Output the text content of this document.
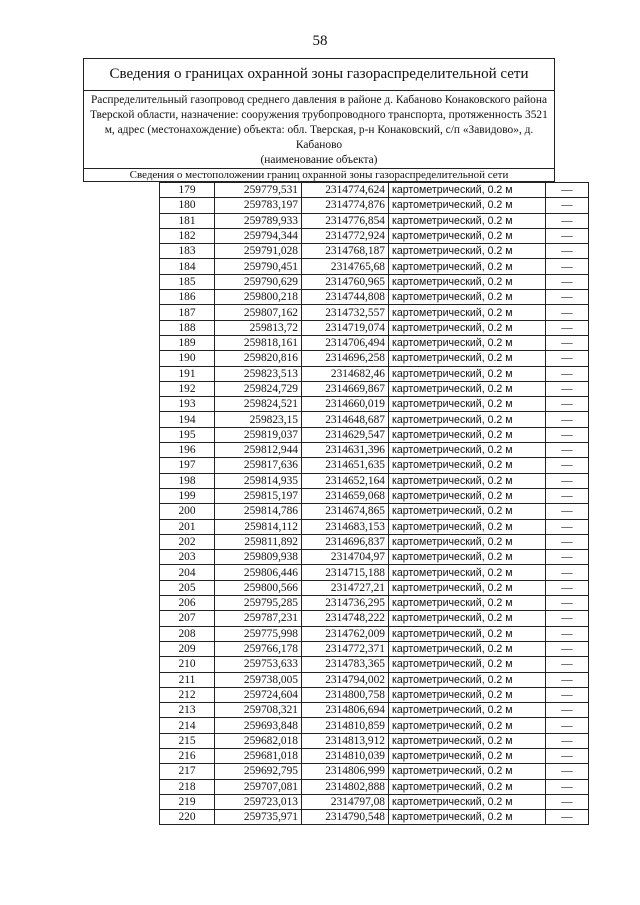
58
Сведения о границах охранной зоны газораспределительной сети
Распределительный газопровод среднего давления в районе д. Кабаново Конаковского района Тверской области, назначение: сооружения трубопроводного транспорта, протяженность 3521 м, адрес (местонахождение) объекта: обл. Тверская, р-н Конаковский, с/п «Завидово», д. Кабаново
(наименование объекта)
Сведения о местоположении границ охранной зоны газораспределительной сети
179	259779,531	2314774,624	картометрический, 0.2 м	—
180	259783,197	2314774,876	картометрический, 0.2 м	—
181	259789,933	2314776,854	картометрический, 0.2 м	—
182	259794,344	2314772,924	картометрический, 0.2 м	—
183	259791,028	2314768,187	картометрический, 0.2 м	—
184	259790,451	2314765,68	картометрический, 0.2 м	—
185	259790,629	2314760,965	картометрический, 0.2 м	—
186	259800,218	2314744,808	картометрический, 0.2 м	—
187	259807,162	2314732,557	картометрический, 0.2 м	—
188	259813,72	2314719,074	картометрический, 0.2 м	—
189	259818,161	2314706,494	картометрический, 0.2 м	—
190	259820,816	2314696,258	картометрический, 0.2 м	—
191	259823,513	2314682,46	картометрический, 0.2 м	—
192	259824,729	2314669,867	картометрический, 0.2 м	—
193	259824,521	2314660,019	картометрический, 0.2 м	—
194	259823,15	2314648,687	картометрический, 0.2 м	—
195	259819,037	2314629,547	картометрический, 0.2 м	—
196	259812,944	2314631,396	картометрический, 0.2 м	—
197	259817,636	2314651,635	картометрический, 0.2 м	—
198	259814,935	2314652,164	картометрический, 0.2 м	—
199	259815,197	2314659,068	картометрический, 0.2 м	—
200	259814,786	2314674,865	картометрический, 0.2 м	—
201	259814,112	2314683,153	картометрический, 0.2 м	—
202	259811,892	2314696,837	картометрический, 0.2 м	—
203	259809,938	2314704,97	картометрический, 0.2 м	—
204	259806,446	2314715,188	картометрический, 0.2 м	—
205	259800,566	2314727,21	картометрический, 0.2 м	—
206	259795,285	2314736,295	картометрический, 0.2 м	—
207	259787,231	2314748,222	картометрический, 0.2 м	—
208	259775,998	2314762,009	картометрический, 0.2 м	—
209	259766,178	2314772,371	картометрический, 0.2 м	—
210	259753,633	2314783,365	картометрический, 0.2 м	—
211	259738,005	2314794,002	картометрический, 0.2 м	—
212	259724,604	2314800,758	картометрический, 0.2 м	—
213	259708,321	2314806,694	картометрический, 0.2 м	—
214	259693,848	2314810,859	картометрический, 0.2 м	—
215	259682,018	2314813,912	картометрический, 0.2 м	—
216	259681,018	2314810,039	картометрический, 0.2 м	—
217	259692,795	2314806,999	картометрический, 0.2 м	—
218	259707,081	2314802,888	картометрический, 0.2 м	—
219	259723,013	2314797,08	картометрический, 0.2 м	—
220	259735,971	2314790,548	картометрический, 0.2 м	—
